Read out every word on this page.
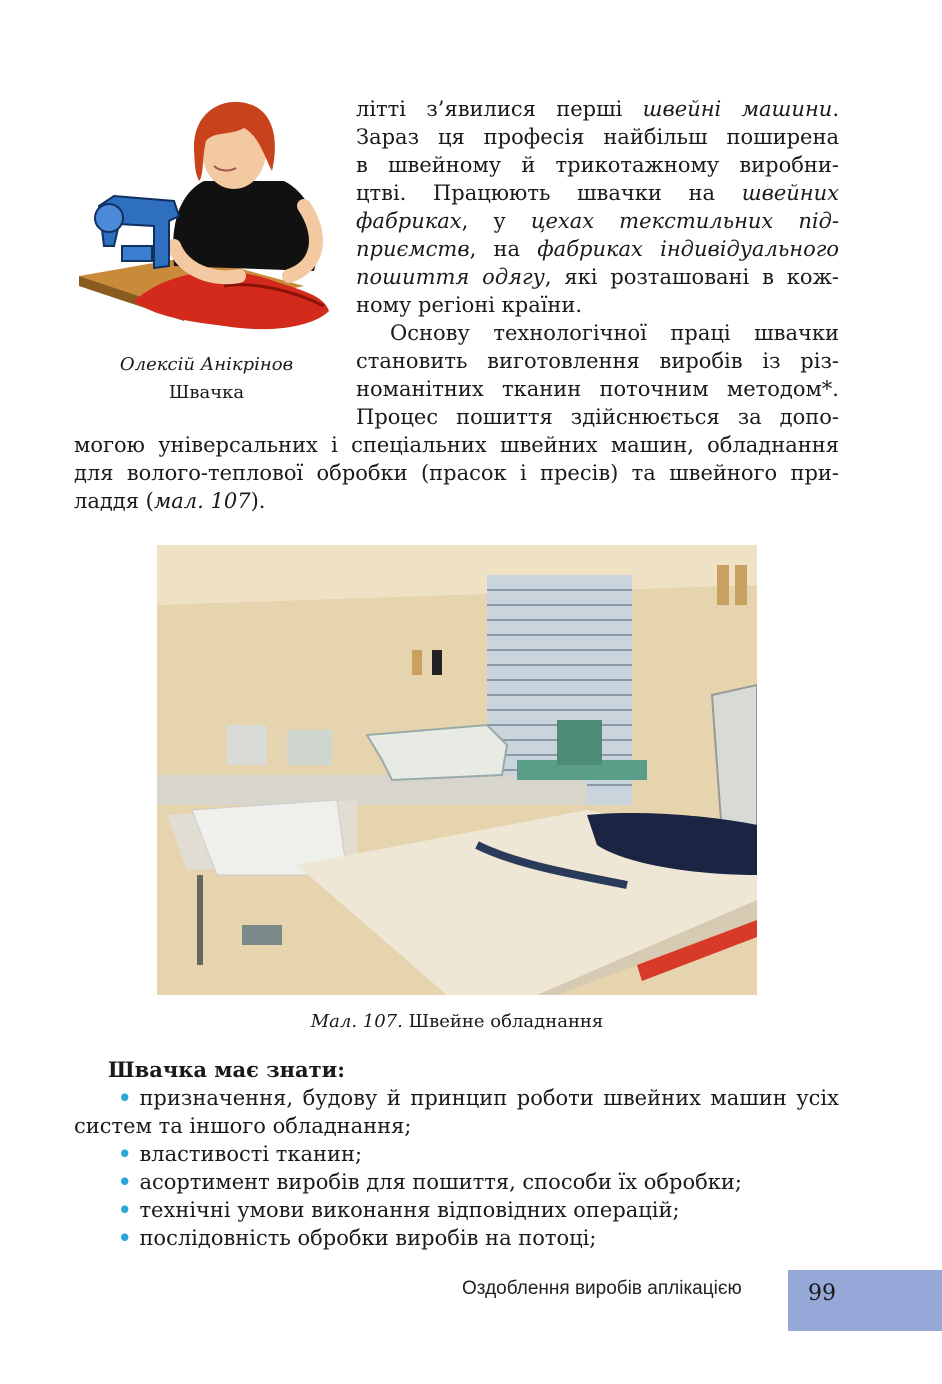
Олексій Анікрінов
Швачка
літті з’явилися перші швейні машини.
Зараз ця професія найбільш поширена
в швейному й трикотажному виробни-
цтві. Працюють швачки на швейних
фабриках, у цехах текстильних під-
приємств, на фабриках індивідуального
пошиття одягу, які розташовані в кож-
ному регіоні країни.
Основу технологічної праці швачки
становить виготовлення виробів із різ-
номанітних тканин поточним методом*.
Процес пошиття здійснюється за допо-
могою універсальних і спеціальних швейних машин, обладнання
для волого-теплової обробки (прасок і пресів) та швейного при-
ладдя (мал. 107).
Мал. 107. Швейне обладнання
Швачка має знати:
• призначення, будову й принцип роботи швейних машин усіх
систем та іншого обладнання;
• властивості тканин;
• асортимент виробів для пошиття, способи їх обробки;
• технічні умови виконання відповідних операцій;
• послідовність обробки виробів на потоці;
Оздоблення виробів аплікацією	99
